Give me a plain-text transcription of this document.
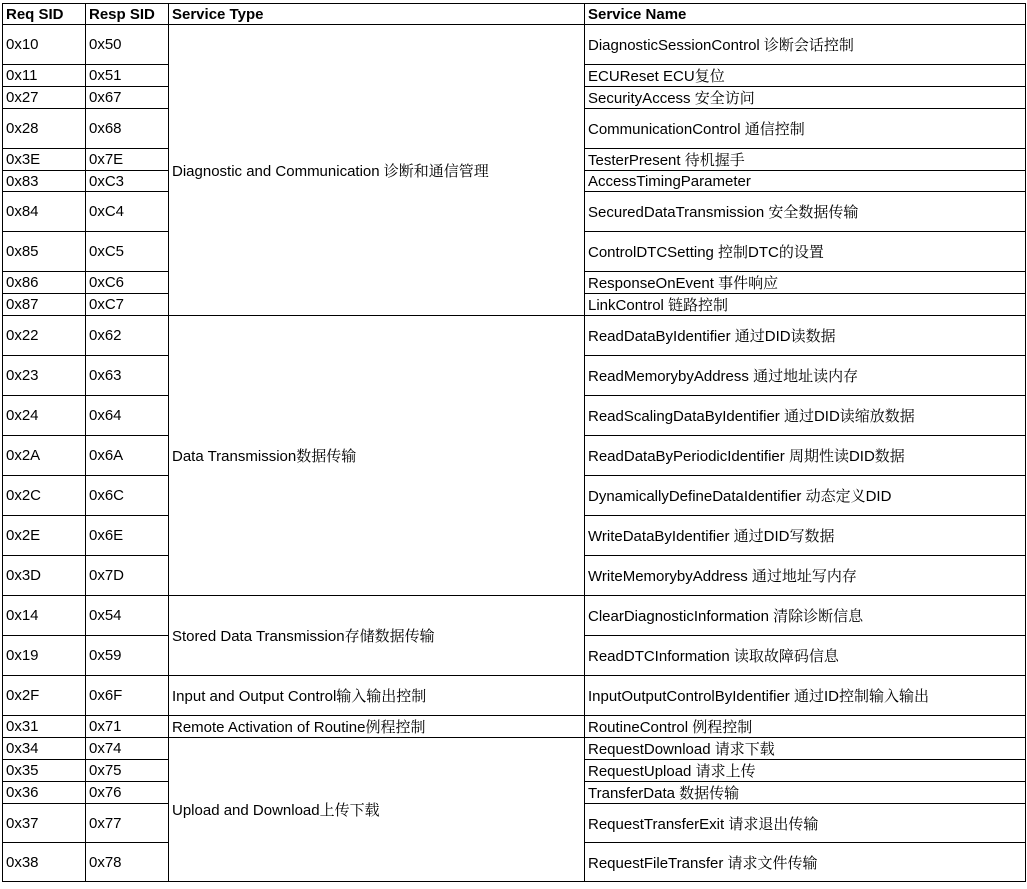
Req SID	Resp SID	Service Type	Service Name
0x10	0x50	Diagnostic and Communication 诊断和通信管理	DiagnosticSessionControl 诊断会话控制
0x11	0x51		ECUReset ECU复位
0x27	0x67		SecurityAccess 安全访问
0x28	0x68		CommunicationControl 通信控制
0x3E	0x7E		TesterPresent 待机握手
0x83	0xC3		AccessTimingParameter
0x84	0xC4		SecuredDataTransmission 安全数据传输
0x85	0xC5		ControlDTCSetting 控制DTC的设置
0x86	0xC6		ResponseOnEvent 事件响应
0x87	0xC7		LinkControl 链路控制
0x22	0x62	Data Transmission数据传输	ReadDataByIdentifier 通过DID读数据
0x23	0x63		ReadMemorybyAddress 通过地址读内存
0x24	0x64		ReadScalingDataByIdentifier 通过DID读缩放数据
0x2A	0x6A		ReadDataByPeriodicIdentifier 周期性读DID数据
0x2C	0x6C		DynamicallyDefineDataIdentifier 动态定义DID
0x2E	0x6E		WriteDataByIdentifier 通过DID写数据
0x3D	0x7D		WriteMemorybyAddress 通过地址写内存
0x14	0x54	Stored Data Transmission存储数据传输	ClearDiagnosticInformation 清除诊断信息
0x19	0x59		ReadDTCInformation 读取故障码信息
0x2F	0x6F	Input and Output Control输入输出控制	InputOutputControlByIdentifier 通过ID控制输入输出
0x31	0x71	Remote Activation of Routine例程控制	RoutineControl 例程控制
0x34	0x74	Upload and Download上传下载	RequestDownload 请求下载
0x35	0x75		RequestUpload 请求上传
0x36	0x76		TransferData 数据传输
0x37	0x77		RequestTransferExit 请求退出传输
0x38	0x78		RequestFileTransfer 请求文件传输
